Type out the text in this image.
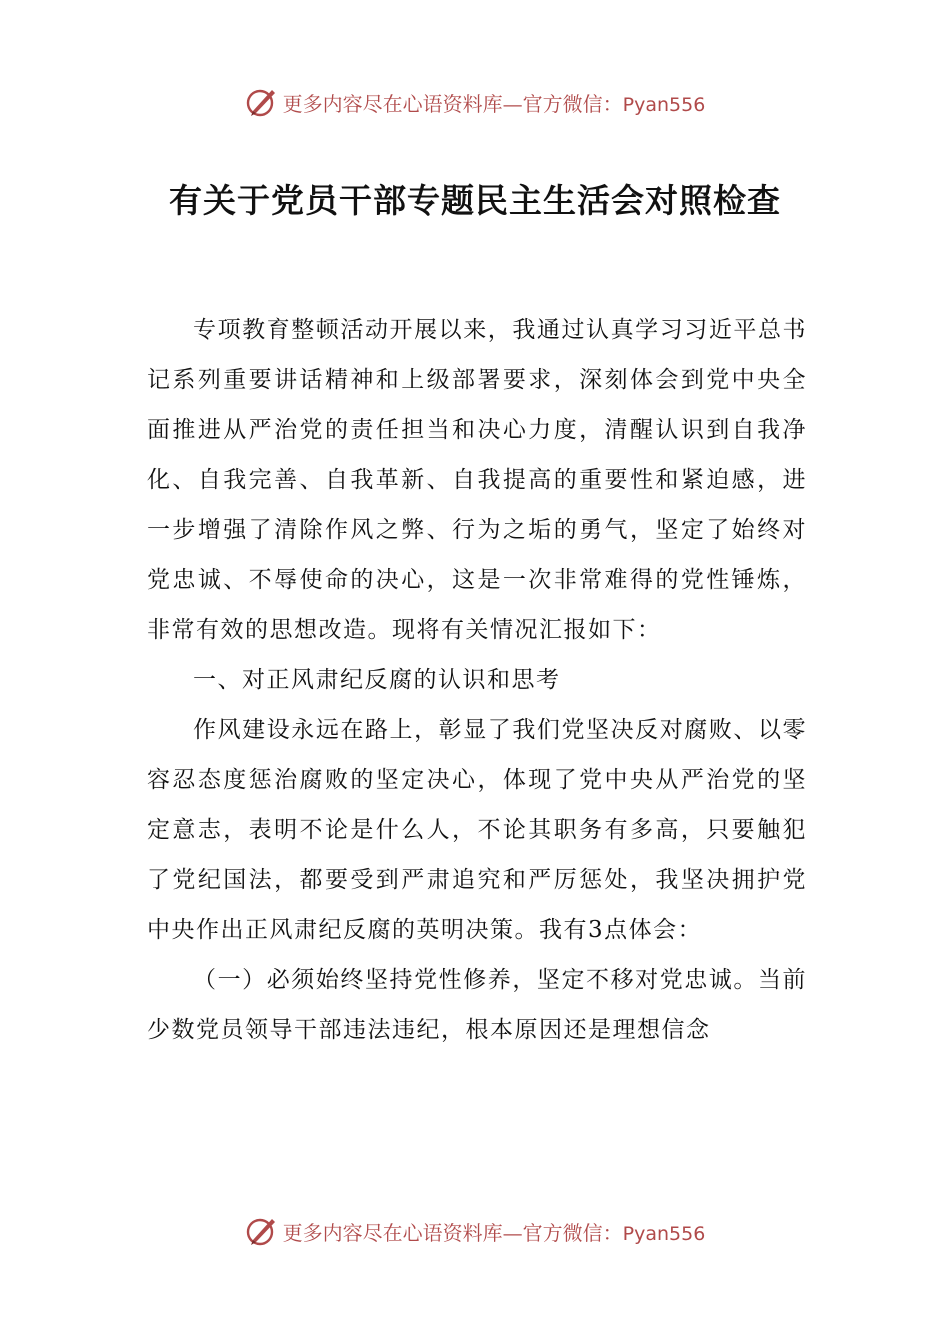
更多内容尽在心语资料库—官方微信：Pyan556
有关于党员干部专题民主生活会对照检查

专项教育整顿活动开展以来，我通过认真学习习近平总书记系列重要讲话精神和上级部署要求，深刻体会到党中央全面推进从严治党的责任担当和决心力度，清醒认识到自我净化、自我完善、自我革新、自我提高的重要性和紧迫感，进一步增强了清除作风之弊、行为之垢的勇气，坚定了始终对党忠诚、不辱使命的决心，这是一次非常难得的党性锤炼，非常有效的思想改造。现将有关情况汇报如下：

一、对正风肃纪反腐的认识和思考

作风建设永远在路上，彰显了我们党坚决反对腐败、以零容忍态度惩治腐败的坚定决心，体现了党中央从严治党的坚定意志，表明不论是什么人，不论其职务有多高，只要触犯了党纪国法，都要受到严肃追究和严厉惩处，我坚决拥护党中央作出正风肃纪反腐的英明决策。我有3点体会：

（一）必须始终坚持党性修养，坚定不移对党忠诚。当前少数党员领导干部违法违纪，根本原因还是理想信念

更多内容尽在心语资料库—官方微信：Pyan556
